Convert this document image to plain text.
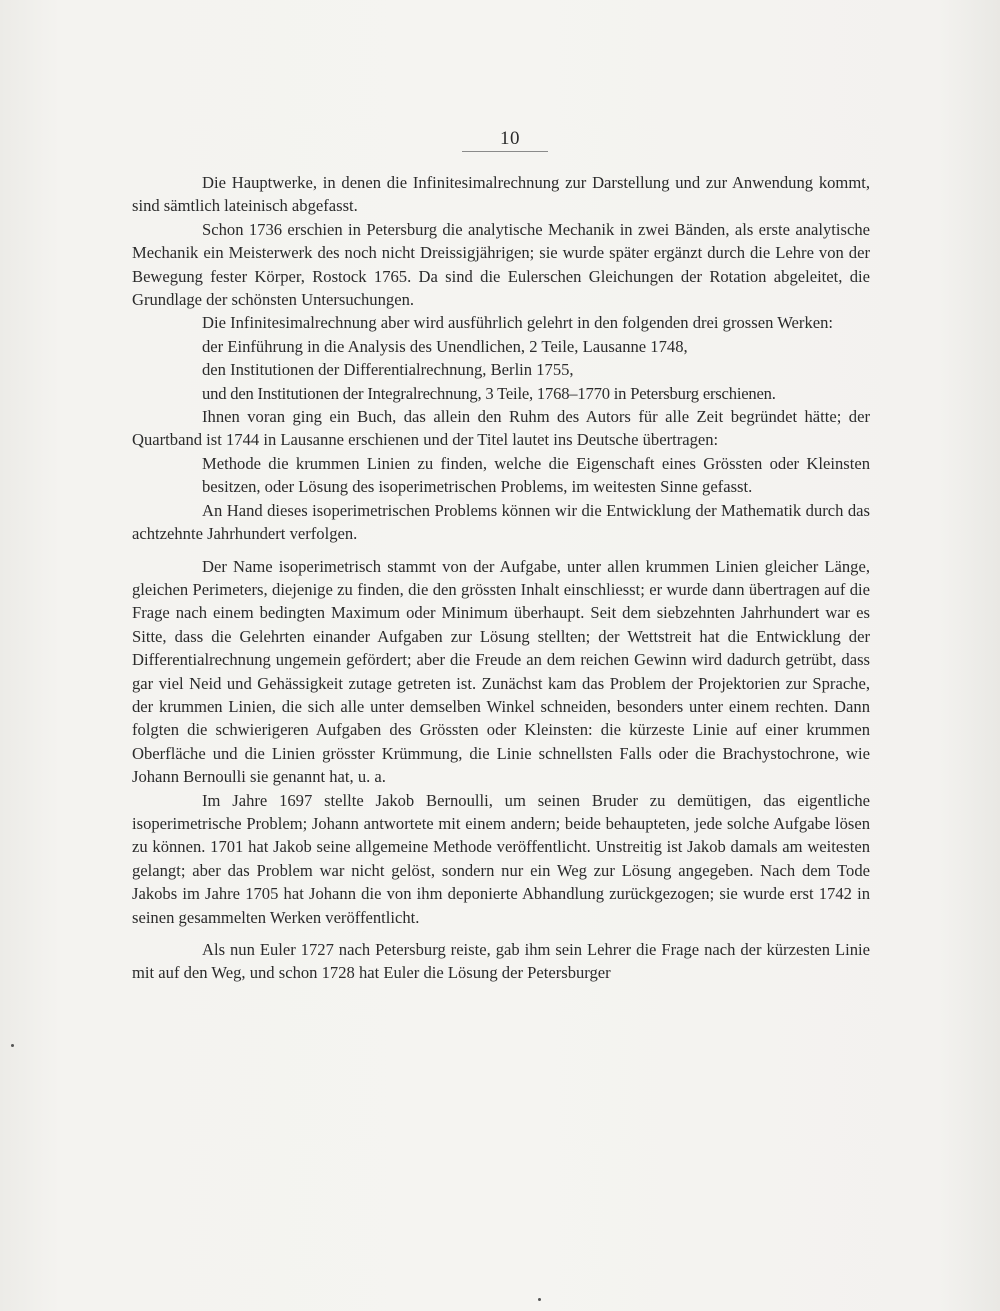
10

Die Hauptwerke, in denen die Infinitesimalrechnung zur Darstellung und zur Anwendung kommt, sind sämtlich lateinisch abgefasst.

Schon 1736 erschien in Petersburg die analytische Mechanik in zwei Bänden, als erste analytische Mechanik ein Meisterwerk des noch nicht Dreissigjährigen; sie wurde später ergänzt durch die Lehre von der Bewegung fester Körper, Rostock 1765. Da sind die Eulerschen Gleichungen der Rotation abgeleitet, die Grundlage der schönsten Untersuchungen.

Die Infinitesimalrechnung aber wird ausführlich gelehrt in den folgenden drei grossen Werken:

der Einführung in die Analysis des Unendlichen, 2 Teile, Lausanne 1748,
den Institutionen der Differentialrechnung, Berlin 1755,
und den Institutionen der Integralrechnung, 3 Teile, 1768–1770 in Petersburg erschienen.

Ihnen voran ging ein Buch, das allein den Ruhm des Autors für alle Zeit begründet hätte; der Quartband ist 1744 in Lausanne erschienen und der Titel lautet ins Deutsche übertragen:

Methode die krummen Linien zu finden, welche die Eigenschaft eines Grössten oder Kleinsten besitzen, oder Lösung des isoperimetrischen Problems, im weitesten Sinne gefasst.

An Hand dieses isoperimetrischen Problems können wir die Entwicklung der Mathematik durch das achtzehnte Jahrhundert verfolgen.

Der Name isoperimetrisch stammt von der Aufgabe, unter allen krummen Linien gleicher Länge, gleichen Perimeters, diejenige zu finden, die den grössten Inhalt einschliesst; er wurde dann übertragen auf die Frage nach einem bedingten Maximum oder Minimum überhaupt. Seit dem siebzehnten Jahrhundert war es Sitte, dass die Gelehrten einander Aufgaben zur Lösung stellten; der Wettstreit hat die Entwicklung der Differentialrechnung ungemein gefördert; aber die Freude an dem reichen Gewinn wird dadurch getrübt, dass gar viel Neid und Gehässigkeit zutage getreten ist. Zunächst kam das Problem der Projektorien zur Sprache, der krummen Linien, die sich alle unter demselben Winkel schneiden, besonders unter einem rechten. Dann folgten die schwierigeren Aufgaben des Grössten oder Kleinsten: die kürzeste Linie auf einer krummen Oberfläche und die Linien grösster Krümmung, die Linie schnellsten Falls oder die Brachystochrone, wie Johann Bernoulli sie genannt hat, u. a.

Im Jahre 1697 stellte Jakob Bernoulli, um seinen Bruder zu demütigen, das eigentliche isoperimetrische Problem; Johann antwortete mit einem andern; beide behaupteten, jede solche Aufgabe lösen zu können. 1701 hat Jakob seine allgemeine Methode veröffentlicht. Unstreitig ist Jakob damals am weitesten gelangt; aber das Problem war nicht gelöst, sondern nur ein Weg zur Lösung angegeben. Nach dem Tode Jakobs im Jahre 1705 hat Johann die von ihm deponierte Abhandlung zurückgezogen; sie wurde erst 1742 in seinen gesammelten Werken veröffentlicht.

Als nun Euler 1727 nach Petersburg reiste, gab ihm sein Lehrer die Frage nach der kürzesten Linie mit auf den Weg, und schon 1728 hat Euler die Lösung der Petersburger
